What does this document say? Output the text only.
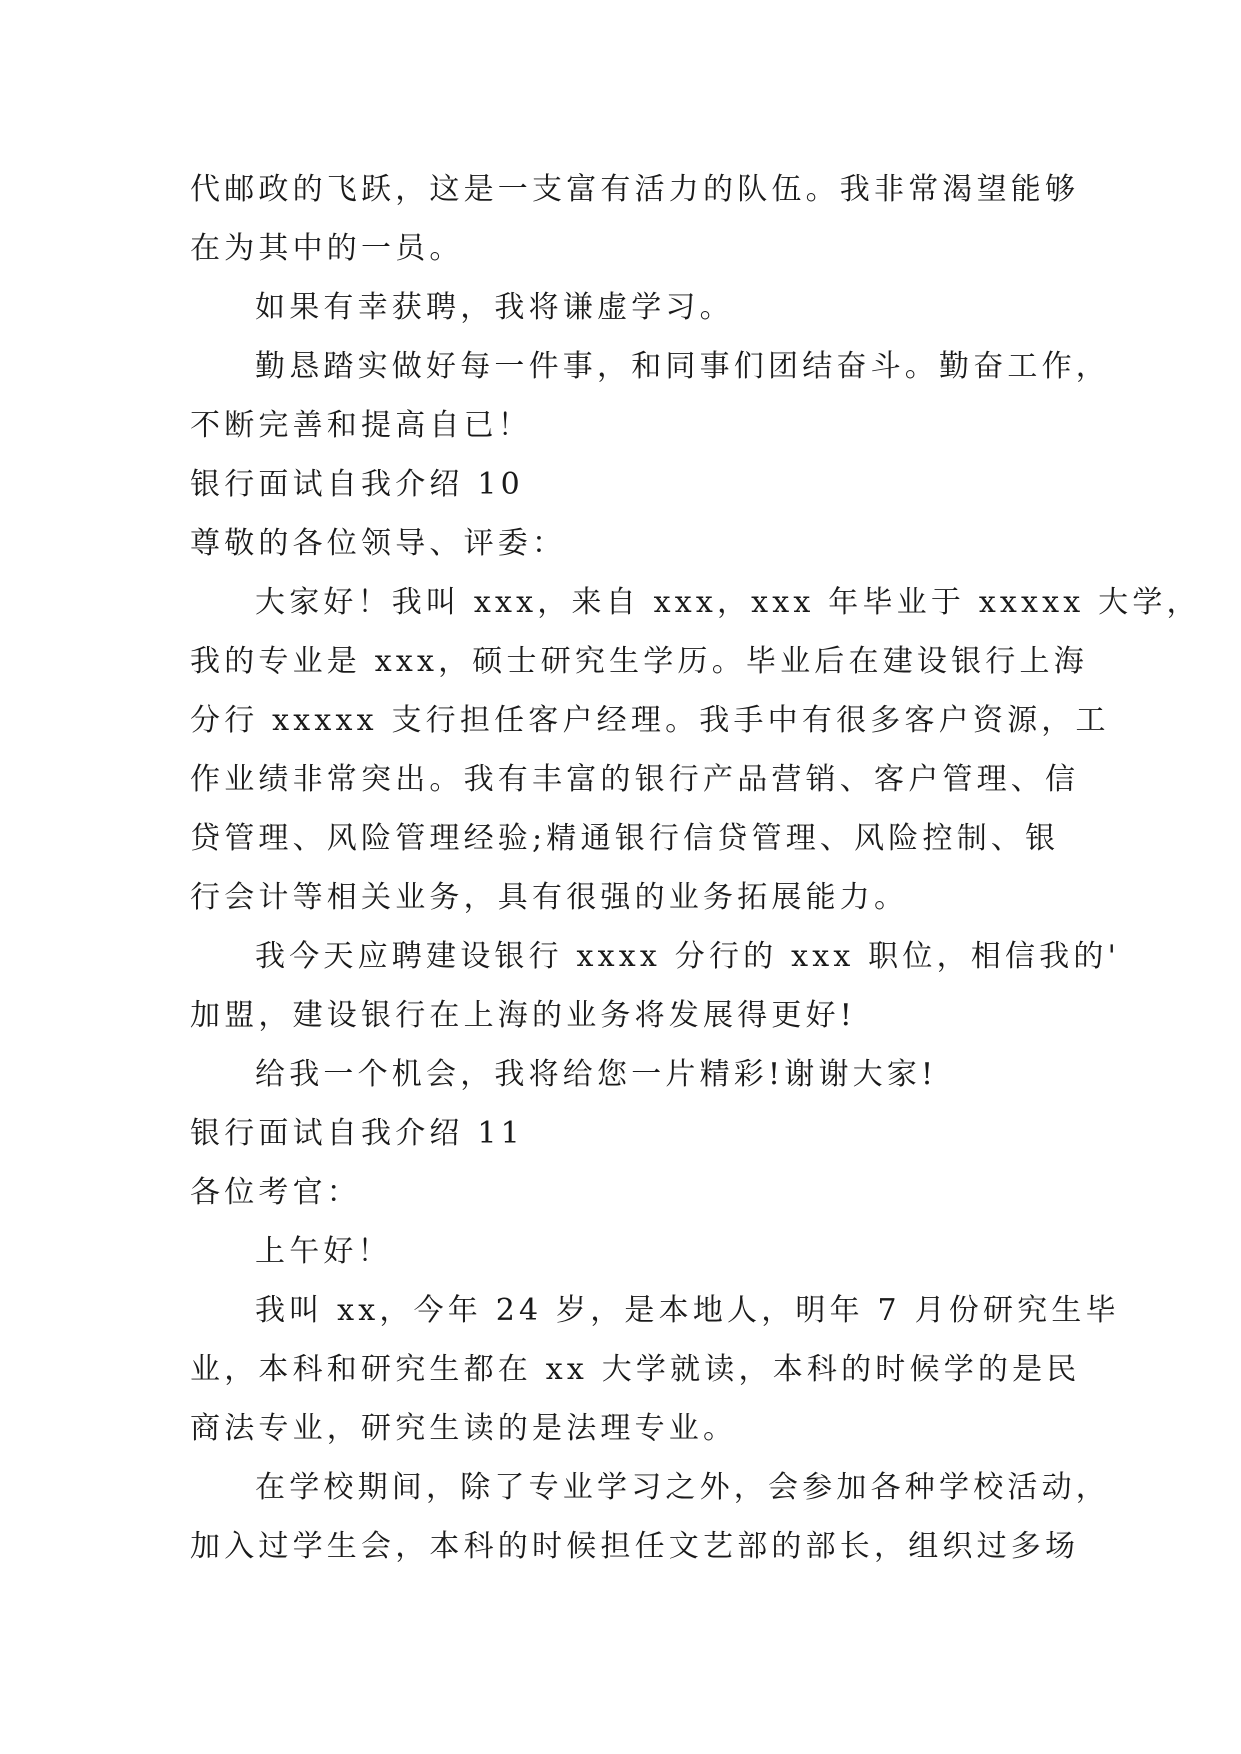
代邮政的飞跃，这是一支富有活力的队伍。我非常渴望能够
在为其中的一员。
如果有幸获聘，我将谦虚学习。
勤恳踏实做好每一件事，和同事们团结奋斗。勤奋工作，
不断完善和提高自已！
银行面试自我介绍 10
尊敬的各位领导、评委：
大家好！我叫 xxx，来自 xxx，xxx 年毕业于 xxxxx 大学，
我的专业是 xxx，硕士研究生学历。毕业后在建设银行上海
分行 xxxxx 支行担任客户经理。我手中有很多客户资源，工
作业绩非常突出。我有丰富的银行产品营销、客户管理、信
贷管理、风险管理经验;精通银行信贷管理、风险控制、银
行会计等相关业务，具有很强的业务拓展能力。
我今天应聘建设银行 xxxx 分行的 xxx 职位，相信我的'
加盟，建设银行在上海的业务将发展得更好!
给我一个机会，我将给您一片精彩!谢谢大家!
银行面试自我介绍 11
各位考官：
上午好！
我叫 xx，今年 24 岁，是本地人，明年 7 月份研究生毕
业，本科和研究生都在 xx 大学就读，本科的时候学的是民
商法专业，研究生读的是法理专业。
在学校期间，除了专业学习之外，会参加各种学校活动，
加入过学生会，本科的时候担任文艺部的部长，组织过多场
